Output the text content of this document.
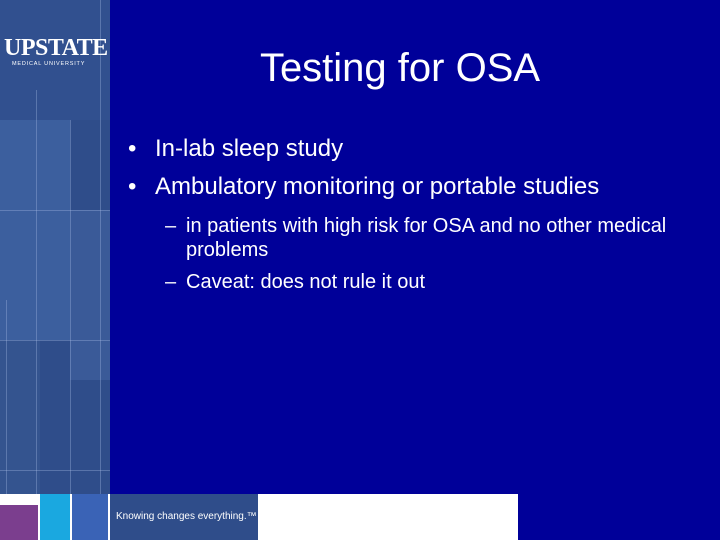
UPSTATE
MEDICAL UNIVERSITY	Testing for OSA
• In-lab sleep study
• Ambulatory monitoring or portable studies
– in patients with high risk for OSA and no other medical problems
– Caveat: does not rule it out
Knowing changes everything.™
